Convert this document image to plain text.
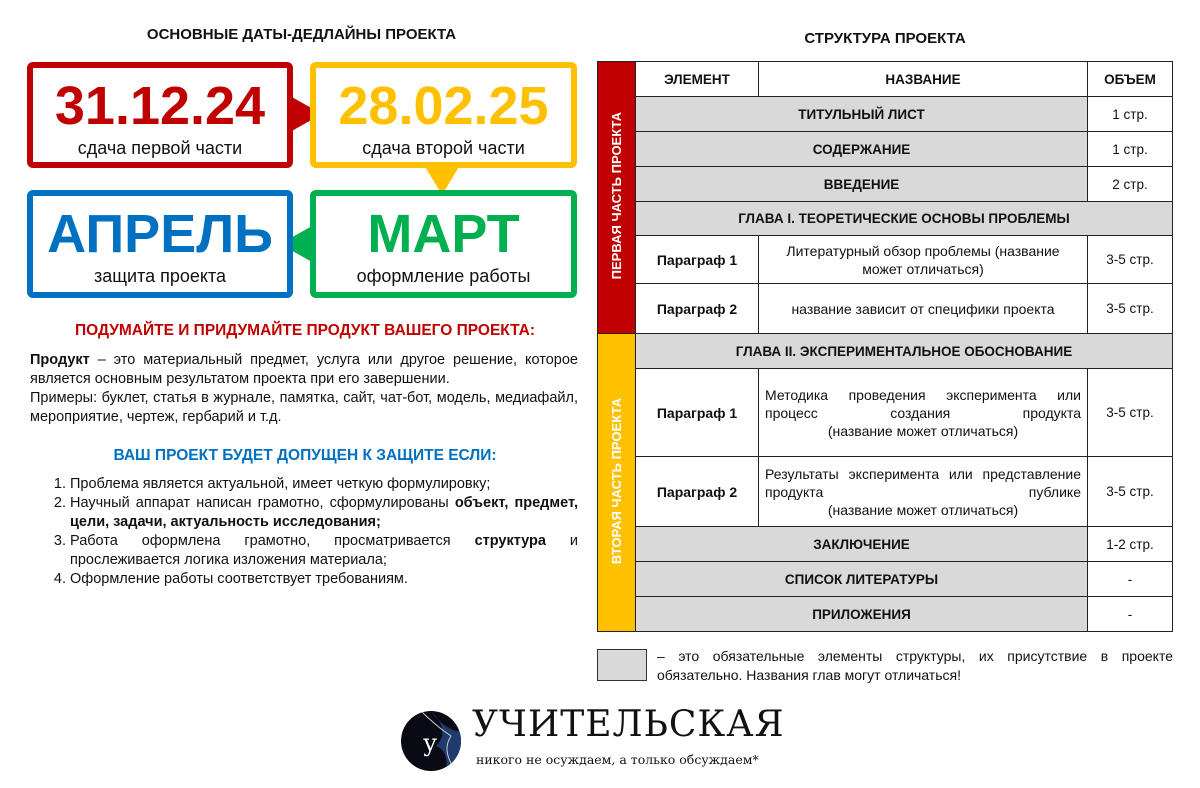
ОСНОВНЫЕ ДАТЫ-ДЕДЛАЙНЫ ПРОЕКТА
31.12.24
сдача первой части
28.02.25
сдача второй части
МАРТ
оформление работы
АПРЕЛЬ
защита проекта
ПОДУМАЙТЕ И ПРИДУМАЙТЕ ПРОДУКТ ВАШЕГО ПРОЕКТА:
Продукт – это материальный предмет, услуга или другое решение, которое является основным результатом проекта при его завершении.
Примеры: буклет, статья в журнале, памятка, сайт, чат-бот, модель, медиафайл, мероприятие, чертеж, гербарий и т.д.
ВАШ ПРОЕКТ БУДЕТ ДОПУЩЕН К ЗАЩИТЕ ЕСЛИ:
1. Проблема является актуальной, имеет четкую формулировку;
2. Научный аппарат написан грамотно, сформулированы объект, предмет, цели, задачи, актуальность исследования;
3. Работа оформлена грамотно, просматривается структура и прослеживается логика изложения материала;
4. Оформление работы соответствует требованиям.
СТРУКТУРА ПРОЕКТА
ПЕРВАЯ ЧАСТЬ ПРОЕКТА	ЭЛЕМЕНТ	НАЗВАНИЕ	ОБЪЕМ
	ТИТУЛЬНЫЙ ЛИСТ		1 стр.
	СОДЕРЖАНИЕ		1 стр.
	ВВЕДЕНИЕ		2 стр.
	ГЛАВА I. ТЕОРЕТИЧЕСКИЕ ОСНОВЫ ПРОБЛЕМЫ		
	Параграф 1	Литературный обзор проблемы (название может отличаться)	3-5 стр.
	Параграф 2	название зависит от специфики проекта	3-5 стр.
ВТОРАЯ ЧАСТЬ ПРОЕКТА	ГЛАВА II. ЭКСПЕРИМЕНТАЛЬНОЕ ОБОСНОВАНИЕ		
	Параграф 1	Методика проведения эксперимента или процесс создания продукта
(название может отличаться)	3-5 стр.
	Параграф 2	Результаты эксперимента или представление продукта публике
(название может отличаться)	3-5 стр.
	ЗАКЛЮЧЕНИЕ		1-2 стр.
	СПИСОК ЛИТЕРАТУРЫ		-
	ПРИЛОЖЕНИЯ		-
– это обязательные элементы структуры, их присутствие в проекте обязательно. Названия глав могут отличаться!
у УЧИТЕЛЬСКАЯ
никого не осуждаем, а только обсуждаем*
